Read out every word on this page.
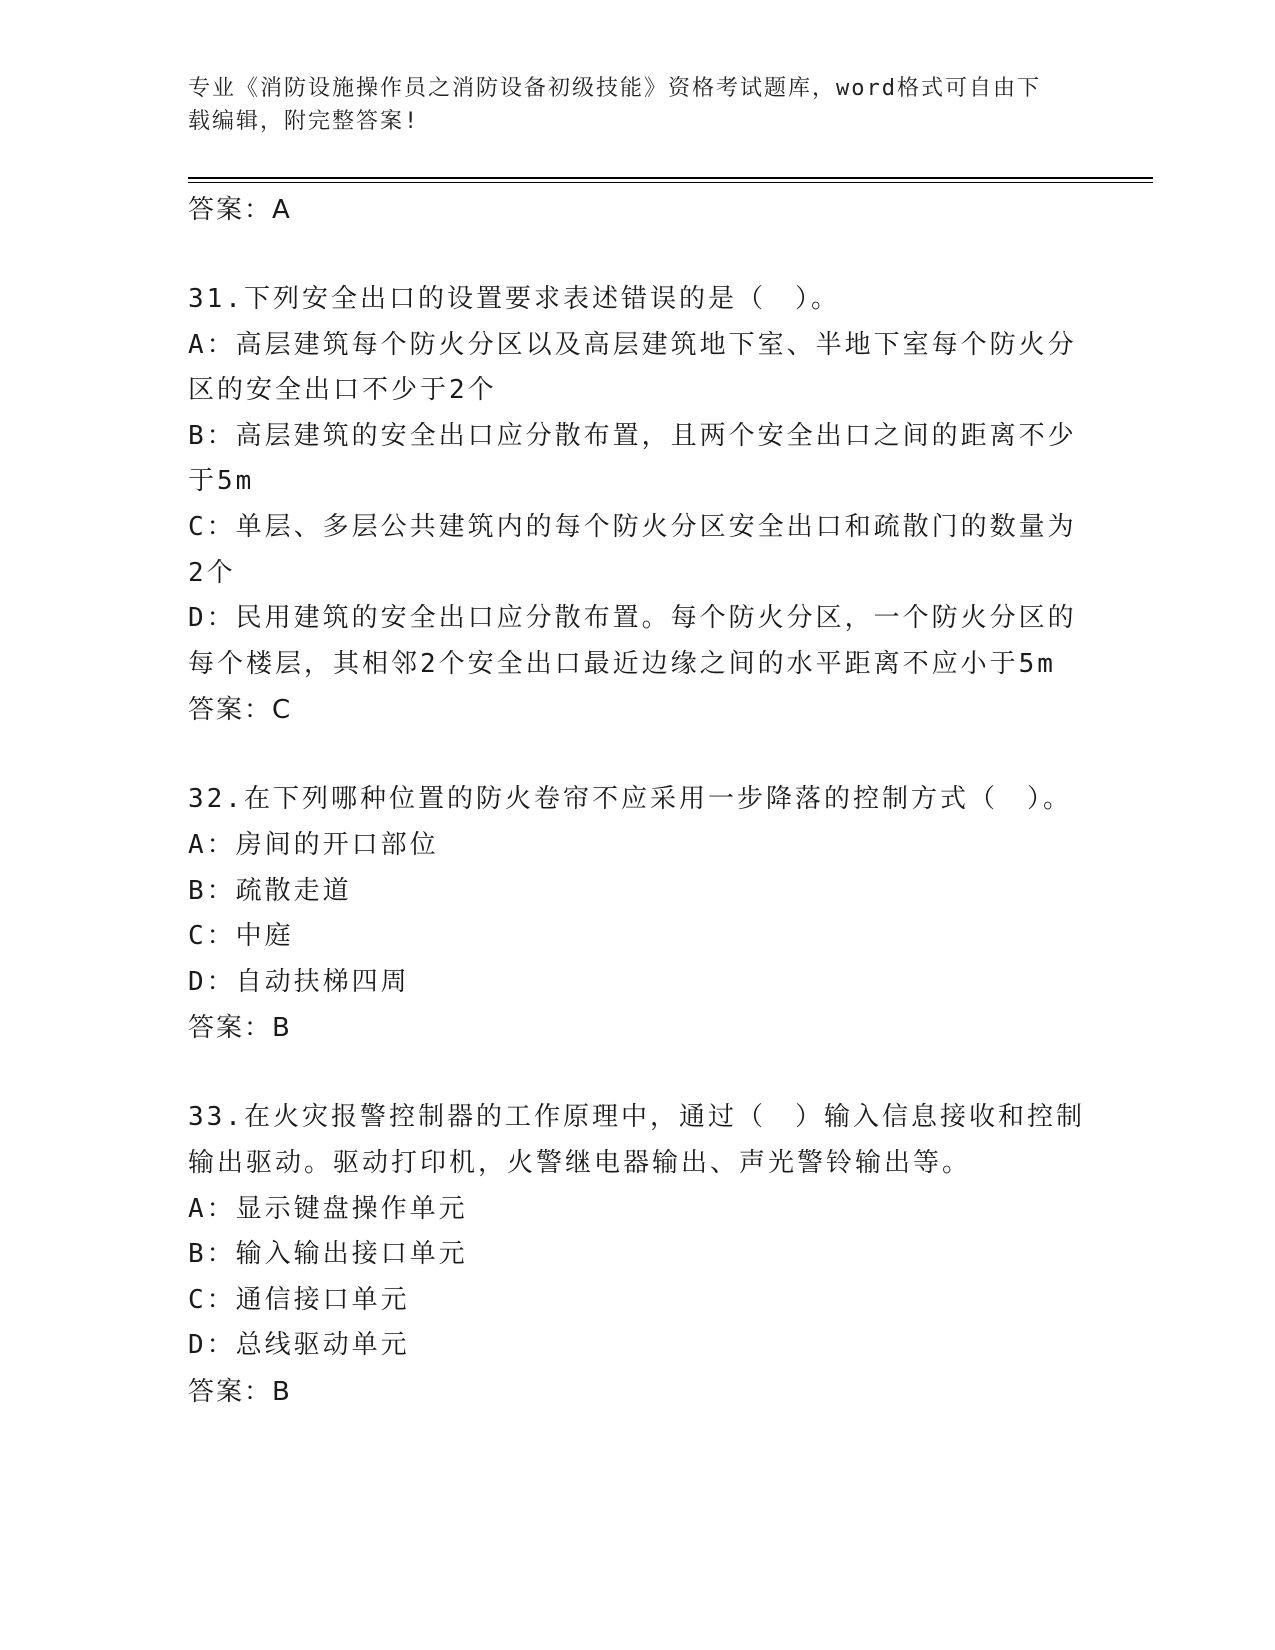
专业《消防设施操作员之消防设备初级技能》资格考试题库，word格式可自由下
载编辑，附完整答案!

答案：A

31.下列安全出口的设置要求表述错误的是（　）。

A：高层建筑每个防火分区以及高层建筑地下室、半地下室每个防火分

区的安全出口不少于2个

B：高层建筑的安全出口应分散布置，且两个安全出口之间的距离不少

于5m

C：单层、多层公共建筑内的每个防火分区安全出口和疏散门的数量为

2个

D：民用建筑的安全出口应分散布置。每个防火分区，一个防火分区的

每个楼层，其相邻2个安全出口最近边缘之间的水平距离不应小于5m

答案：C

32.在下列哪种位置的防火卷帘不应采用一步降落的控制方式（　）。

A：房间的开口部位

B：疏散走道

C：中庭

D：自动扶梯四周

答案：B

33.在火灾报警控制器的工作原理中，通过（　）输入信息接收和控制

输出驱动。驱动打印机，火警继电器输出、声光警铃输出等。

A：显示键盘操作单元

B：输入输出接口单元

C：通信接口单元

D：总线驱动单元

答案：B
